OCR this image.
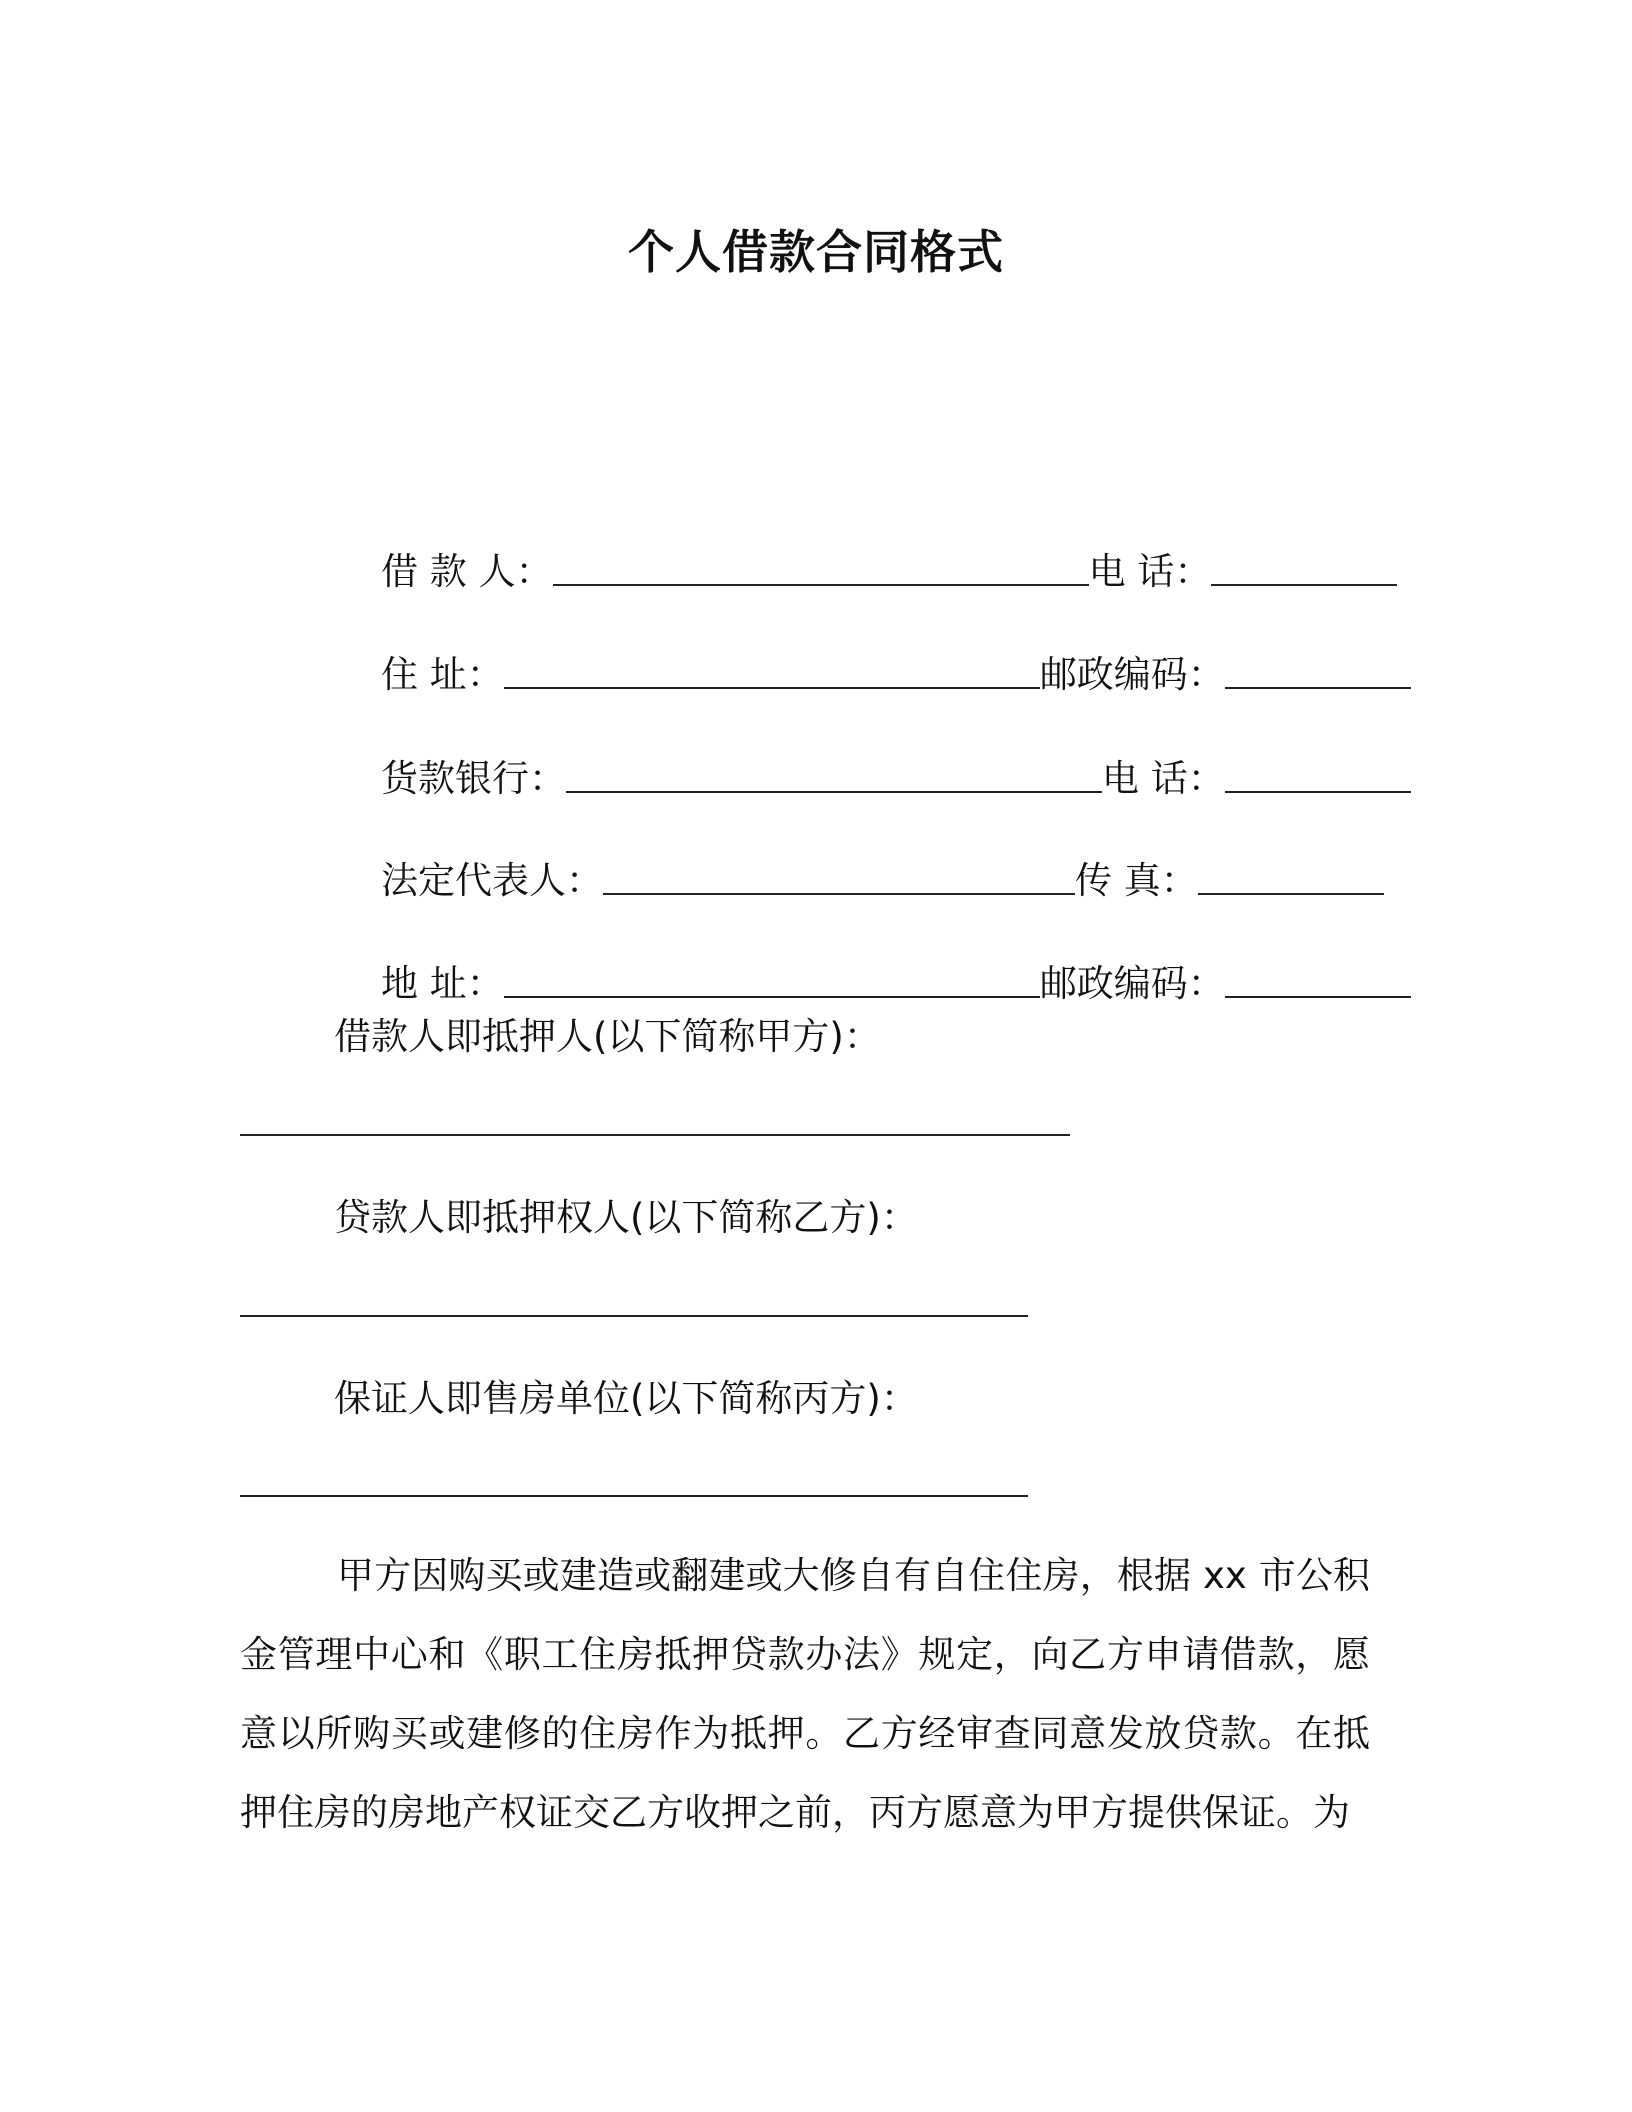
个人借款合同格式

借 款 人：	电 话：

住 址：	邮政编码：

货款银行：	电 话：

法定代表人：	传 真：

地 址：	邮政编码：

借款人即抵押人(以下简称甲方)：
贷款人即抵押权人(以下简称乙方)：
保证人即售房单位(以下简称丙方)：
甲方因购买或建造或翻建或大修自有自住住房，根据 xx 市公积金管理中心和《职工住房抵押贷款办法》规定，向乙方申请借款，愿意以所购买或建修的住房作为抵押。乙方经审查同意发放贷款。在抵押住房的房地产权证交乙方收押之前，丙方愿意为甲方提供保证。为
